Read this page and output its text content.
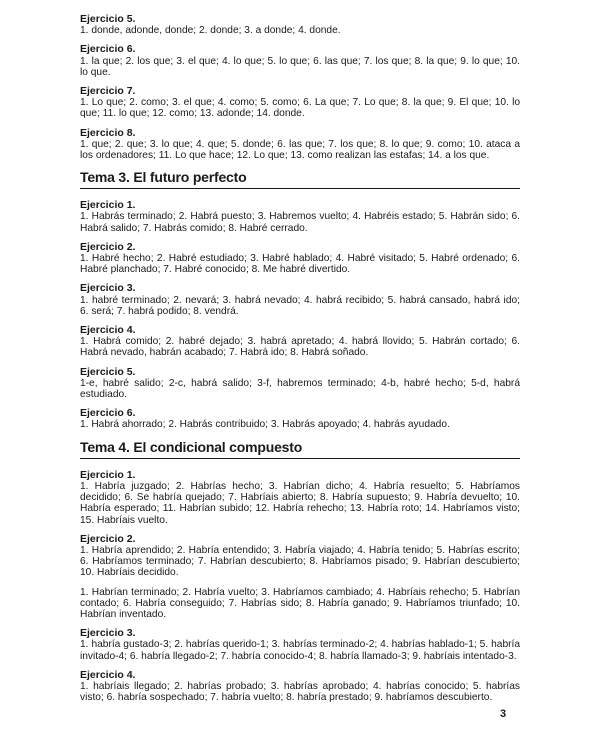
Ejercicio 5.
1. donde, adonde, donde; 2. donde; 3. a donde; 4. donde.
Ejercicio 6.
1. la que; 2. los que; 3. el que; 4. lo que; 5. lo que; 6. las que; 7. los que; 8. la que; 9. lo que; 10. lo que.
Ejercicio 7.
1. Lo que; 2. como; 3. el que; 4. como; 5. como; 6. La que; 7. Lo que; 8. la que; 9. El que; 10. lo que; 11. lo que; 12. como; 13. adonde; 14. donde.
Ejercicio 8.
1. que; 2. que; 3. lo que; 4. que; 5. donde; 6. las que; 7. los que; 8. lo que; 9. como; 10. ataca a los ordenadores; 11. Lo que hace; 12. Lo que; 13. como realizan las estafas; 14. a los que.
Tema 3. El futuro perfecto
Ejercicio 1.
1. Habrás terminado; 2. Habrá puesto; 3. Habremos vuelto; 4. Habréis estado; 5. Habrán sido; 6. Habrá salido; 7. Habrás comido; 8. Habré cerrado.
Ejercicio 2.
1. Habré hecho; 2. Habré estudiado; 3. Habré hablado; 4. Habré visitado; 5. Habré ordenado; 6. Habré planchado; 7. Habré conocido; 8. Me habré divertido.
Ejercicio 3.
1. habré terminado; 2. nevará; 3. habrá nevado; 4. habrá recibido; 5. habrá cansado, habrá ido; 6. será; 7. habrá podido; 8. vendrá.
Ejercicio 4.
1. Habrá comido; 2. habré dejado; 3. habrá apretado; 4. habrá llovido; 5. Habrán cortado; 6. Habrá nevado, habrán acabado; 7. Habrá ido; 8. Habrá soñado.
Ejercicio 5.
1-e, habré salido; 2-c, habrá salido; 3-f, habremos terminado; 4-b, habré hecho; 5-d, habrá estudiado.
Ejercicio 6.
1. Habrá ahorrado; 2. Habrás contribuido; 3. Habrás apoyado; 4. habrás ayudado.
Tema 4. El condicional compuesto
Ejercicio 1.
1. Habría juzgado; 2. Habrías hecho; 3. Habrían dicho; 4. Habría resuelto; 5. Habríamos decidido; 6. Se habría quejado; 7. Habríais abierto; 8. Habría supuesto; 9. Habría devuelto; 10. Habría esperado; 11. Habrían subido; 12. Habría rehecho; 13. Habría roto; 14. Habríamos visto; 15. Habríais vuelto.
Ejercicio 2.
1. Habría aprendido; 2. Habría entendido; 3. Habría viajado; 4. Habría tenido; 5. Habrías escrito; 6. Habríamos terminado; 7. Habrían descubierto; 8. Habríamos pisado; 9. Habrían descubierto; 10. Habríais decidido.
1. Habrían terminado; 2. Habría vuelto; 3. Habríamos cambiado; 4. Habríais rehecho; 5. Habrían contado; 6. Habría conseguido; 7. Habrías sido; 8. Habría ganado; 9. Habríamos triunfado; 10. Habrían inventado.
Ejercicio 3.
1. habría gustado-3; 2. habrías querido-1; 3. habrías terminado-2; 4. habrías hablado-1; 5. habría invitado-4; 6. habría llegado-2; 7. habría conocido-4; 8. habría llamado-3; 9. habríais intentado-3.
Ejercicio 4.
1. habríais llegado; 2. habrías probado; 3. habrías aprobado; 4. habrías conocido; 5. habrías visto; 6. habría sospechado; 7. habría vuelto; 8. habría prestado; 9. habríamos descubierto.
3
